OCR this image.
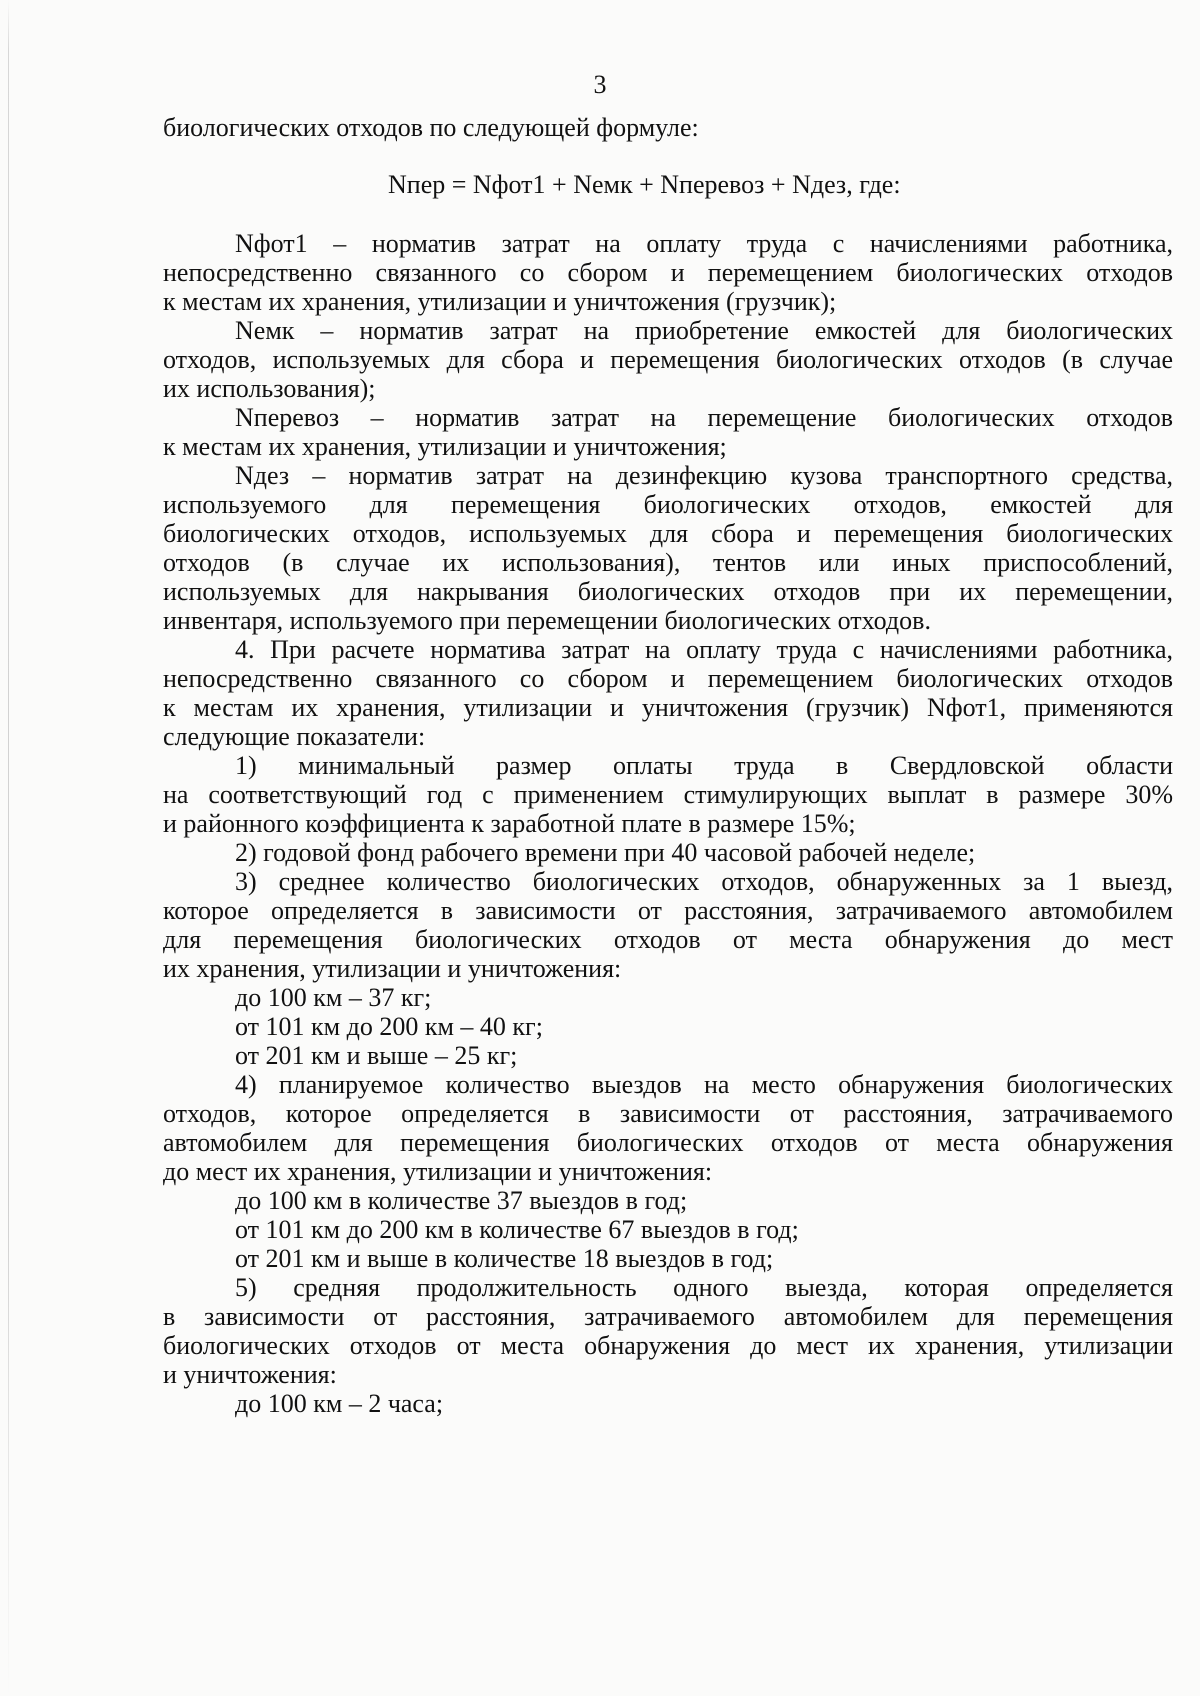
3
биологических отходов по следующей формуле:
Nпер = Nфот1 + Nемк + Nперевоз + Nдез, где:
Nфот1 – норматив затрат на оплату труда с начислениями работника,
непосредственно связанного со сбором и перемещением биологических отходов
к местам их хранения, утилизации и уничтожения (грузчик);
Nемк – норматив затрат на приобретение емкостей для биологических
отходов, используемых для сбора и перемещения биологических отходов (в случае
их использования);
Nперевоз – норматив затрат на перемещение биологических отходов
к местам их хранения, утилизации и уничтожения;
Nдез – норматив затрат на дезинфекцию кузова транспортного средства,
используемого для перемещения биологических отходов, емкостей для
биологических отходов, используемых для сбора и перемещения биологических
отходов (в случае их использования), тентов или иных приспособлений,
используемых для накрывания биологических отходов при их перемещении,
инвентаря, используемого при перемещении биологических отходов.
4. При расчете норматива затрат на оплату труда с начислениями работника,
непосредственно связанного со сбором и перемещением биологических отходов
к местам их хранения, утилизации и уничтожения (грузчик) Nфот1, применяются
следующие показатели:
1) минимальный размер оплаты труда в Свердловской области
на соответствующий год с применением стимулирующих выплат в размере 30%
и районного коэффициента к заработной плате в размере 15%;
2) годовой фонд рабочего времени при 40 часовой рабочей неделе;
3) среднее количество биологических отходов, обнаруженных за 1 выезд,
которое определяется в зависимости от расстояния, затрачиваемого автомобилем
для перемещения биологических отходов от места обнаружения до мест
их хранения, утилизации и уничтожения:
до 100 км – 37 кг;
от 101 км до 200 км – 40 кг;
от 201 км и выше – 25 кг;
4) планируемое количество выездов на место обнаружения биологических
отходов, которое определяется в зависимости от расстояния, затрачиваемого
автомобилем для перемещения биологических отходов от места обнаружения
до мест их хранения, утилизации и уничтожения:
до 100 км в количестве 37 выездов в год;
от 101 км до 200 км в количестве 67 выездов в год;
от 201 км и выше в количестве 18 выездов в год;
5) средняя продолжительность одного выезда, которая определяется
в зависимости от расстояния, затрачиваемого автомобилем для перемещения
биологических отходов от места обнаружения до мест их хранения, утилизации
и уничтожения:
до 100 км – 2 часа;
